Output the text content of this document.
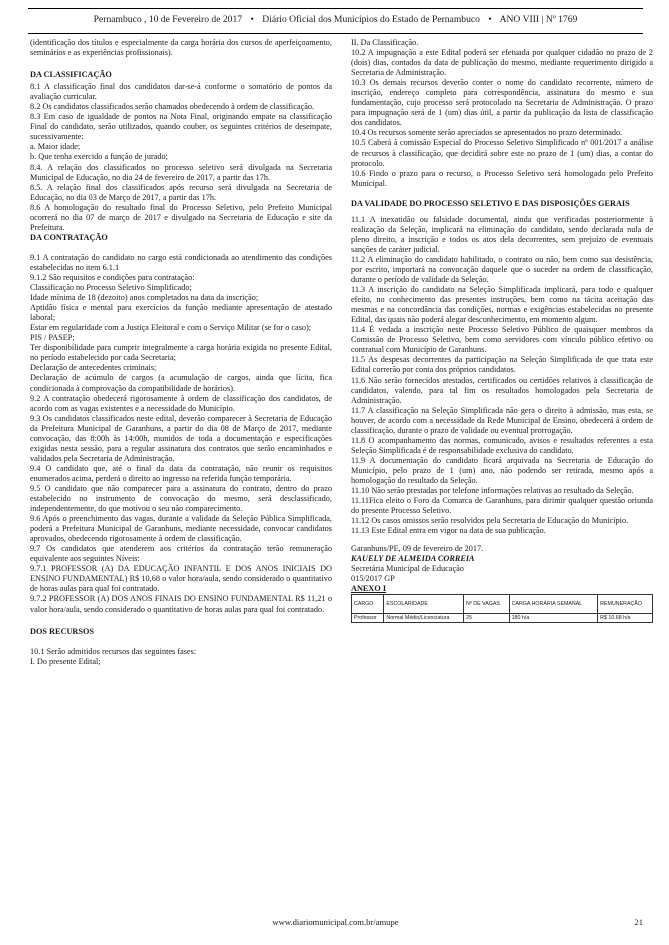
Pernambuco , 10 de Fevereiro de 2017 • Diário Oficial dos Municípios do Estado de Pernambuco • ANO VIII | Nº 1769

(identificação dos títulos e especialmente da carga horária dos cursos de aperfeiçoamento, seminários e as experiências profissionais).

DA CLASSIFICAÇÃO

8.1 A classificação final dos candidatos dar-se-á conforme o somatório de pontos da avaliação curricular.

8.2 Os candidatos classificados serão chamados obedecendo à ordem de classificação.

8.3 Em caso de igualdade de pontos na Nota Final, originando empate na classificação Final do candidato, serão utilizados, quando couber, os seguintes critérios de desempate, sucessivamente:

a. Maior idade;

b. Que tenha exercido a função de jurado;

8.4. A relação dos classificados no processo seletivo será divulgada na Secretaria Municipal de Educação, no dia 24 de fevereiro de 2017, a partir das 17h.

8.5. A relação final dos classificados após recurso será divulgada na Secretaria de Educação, no dia 03 de Março de 2017, a partir das 17h.

8.6 A homologação do resultado final do Processo Seletivo, pelo Prefeito Municipal ocorrerá no dia 07 de março de 2017 e divulgado na Secretaria de Educação e site da Prefeitura.

DA CONTRATAÇÃO

9.1 A contratação do candidato no cargo está condicionada ao atendimento das condições estabelecidas no item 6.1.1

9.1.2 São requisitos e condições para contratação:

Classificação no Processo Seletivo Simplificado;

Idade mínima de 18 (dezoito) anos completados na data da inscrição;

Aptidão física e mental para exercícios da função mediante apresentação de atestado laboral;

Estar em regularidade com a Justiça Eleitoral e com o Serviço Militar (se for o caso);

PIS / PASEP;

Ter disponibilidade para cumprir integralmente a carga horária exigida no presente Edital, no período estabelecido por cada Secretaria;

Declaração de antecedentes criminais;

Declaração de acúmulo de cargos (a acumulação de cargos, ainda que lícita, fica condicionada à comprovação da compatibilidade de horários).

9.2 A contratação obedecerá rigorosamente à ordem de classificação dos candidatos, de acordo com as vagas existentes e a necessidade do Município.

9.3 Os candidatos classificados neste edital, deverão comparecer à Secretaria de Educação da Prefeitura Municipal de Garanhuns, a partir do dia 08 de Março de 2017, mediante convocação, das 8:00h às 14:00h, munidos de toda a documentação e especificações exigidas nesta sessão, para a regular assinatura dos contratos que serão encaminhados e validados pela Secretaria de Administração.

9.4 O candidato que, até o final da data da contratação, não reunir os requisitos enumerados acima, perderá o direito ao ingresso na referida função temporária.

9.5 O candidato que não comparecer para a assinatura do contrato, dentro do prazo estabelecido no instrumento de convocação do mesmo, será desclassificado, independentemente, do que motivou o seu não comparecimento.

9.6 Após o preenchimento das vagas, durante a validade da Seleção Pública Simplificada, poderá a Prefeitura Municipal de Garanhuns, mediante necessidade, convocar candidatos aprovados, obedecendo rigorosamente à ordem de classificação.

9.7 Os candidatos que atenderem aos critérios da contratação terão remuneração equivalente aos seguintes Níveis:

9.7.1 PROFESSOR (A) DA EDUCAÇÃO INFANTIL E DOS ANOS INICIAIS DO ENSINO FUNDAMENTAL) R$ 10,68 o valor hora/aula, sendo considerado o quantitativo de horas aulas para qual foi contratado.

9.7.2 PROFESSOR (A) DOS ANOS FINAIS DO ENSINO FUNDAMENTAL R$ 11,21 o valor hora/aula, sendo considerado o quantitativo de horas aulas para qual foi contratado.

DOS RECURSOS

10.1 Serão admitidos recursos das seguintes fases:

I. Do presente Edital;

II. Da Classificação.

10.2 A impugnação a este Edital poderá ser efetuada por qualquer cidadão no prazo de 2 (dois) dias, contados da data de publicação do mesmo, mediante requerimento dirigido a Secretaria de Administração.

10.3 Os demais recursos deverão conter o nome do candidato recorrente, número de inscrição, endereço completo para correspondência, assinatura do mesmo e sua fundamentação, cujo processo será protocolado na Secretaria de Administração. O prazo para impugnação será de 1 (um) dias útil, a partir da publicação da lista de classificação dos candidatos.

10.4 Os recursos somente serão apreciados se apresentados no prazo determinado.

10.5 Caberá à comissão Especial do Processo Seletivo Simplificado nº 001/2017 a análise de recursos à classificação, que decidirá sobre este no prazo de 1 (um) dias, a contar do protocolo.

10.6 Findo o prazo para o recurso, o Processo Seletivo será homologado pelo Prefeito Municipal.

DA VALIDADE DO PROCESSO SELETIVO E DAS DISPOSIÇÕES GERAIS

11.1 A inexatidão ou falsidade documental, ainda que verificadas posteriormente à realização da Seleção, implicará na eliminação do candidato, sendo declarada nula de pleno direito, a inscrição e todos os atos dela decorrentes, sem prejuízo de eventuais sanções de caráter judicial.

11.2 A eliminação do candidato habilitado, o contrato ou não, bem como sua desistência, por escrito, importará na convocação daquele que o suceder na ordem de classificação, durante o período de validade da Seleção.

11.3 A inscrição do candidato na Seleção Simplificada implicará, para todo e qualquer efeito, no conhecimento das presentes instruções, bem como na tácita aceitação das mesmas e na concordância das condições, normas e exigências estabelecidas no presente Edital, das quais não poderá alegar desconhecimento, em momento algum.

11.4 É vedada a inscrição neste Processo Seletivo Público de quaisquer membros da Comissão de Processo Seletivo, bem como servidores com vínculo público efetivo ou contratual com Município de Garanhuns.

11.5 As despesas decorrentes da participação na Seleção Simplificada de que trata este Edital correrão por conta dos próprios candidatos.

11.6 Não serão fornecidos atestados, certificados ou certidões relativos à classificação de candidatos, valendo, para tal fim os resultados homologados pela Secretaria de Administração.

11.7 A classificação na Seleção Simplificada não gera o direito à admissão, mas esta, se houver, de acordo com a necessidade da Rede Municipal de Ensino, obedecerá à ordem de classificação, durante o prazo de validade ou eventual prorrogação.

11.8 O acompanhamento das normas, comunicado, avisos e resultados referentes a esta Seleção Simplificada é de responsabilidade exclusiva do candidato.

11.9 A documentação do candidato ficará arquivada na Secretaria de Educação do Município, pelo prazo de 1 (um) ano, não podendo ser retirada, mesmo após a homologação do resultado da Seleção.

11.10 Não serão prestadas por telefone informações relativas ao resultado da Seleção.

11.11Fica eleito o Foro da Comarca de Garanhuns, para dirimir qualquer questão oriunda do presente Processo Seletivo.

11.12 Os casos omissos serão resolvidos pela Secretaria de Educação do Município.

11.13 Este Edital entra em vigor na data de sua publicação.

Garanhuns/PE, 09 de fevereiro de 2017.

KAUELY DE ALMEIDA CORREIA

Secretária Municipal de Educação

015/2017 GP

ANEXO I

CARGO	ESCOLARIDADE	Nº DE VAGAS	CARGA HORÁRIA SEMANAL	REMUNERAÇÃO
Professor	Normal Médio/Licenciatura	25	180 h/a	R$ 10,68 h/a
www.diariomunicipal.com.br/amupe	21
